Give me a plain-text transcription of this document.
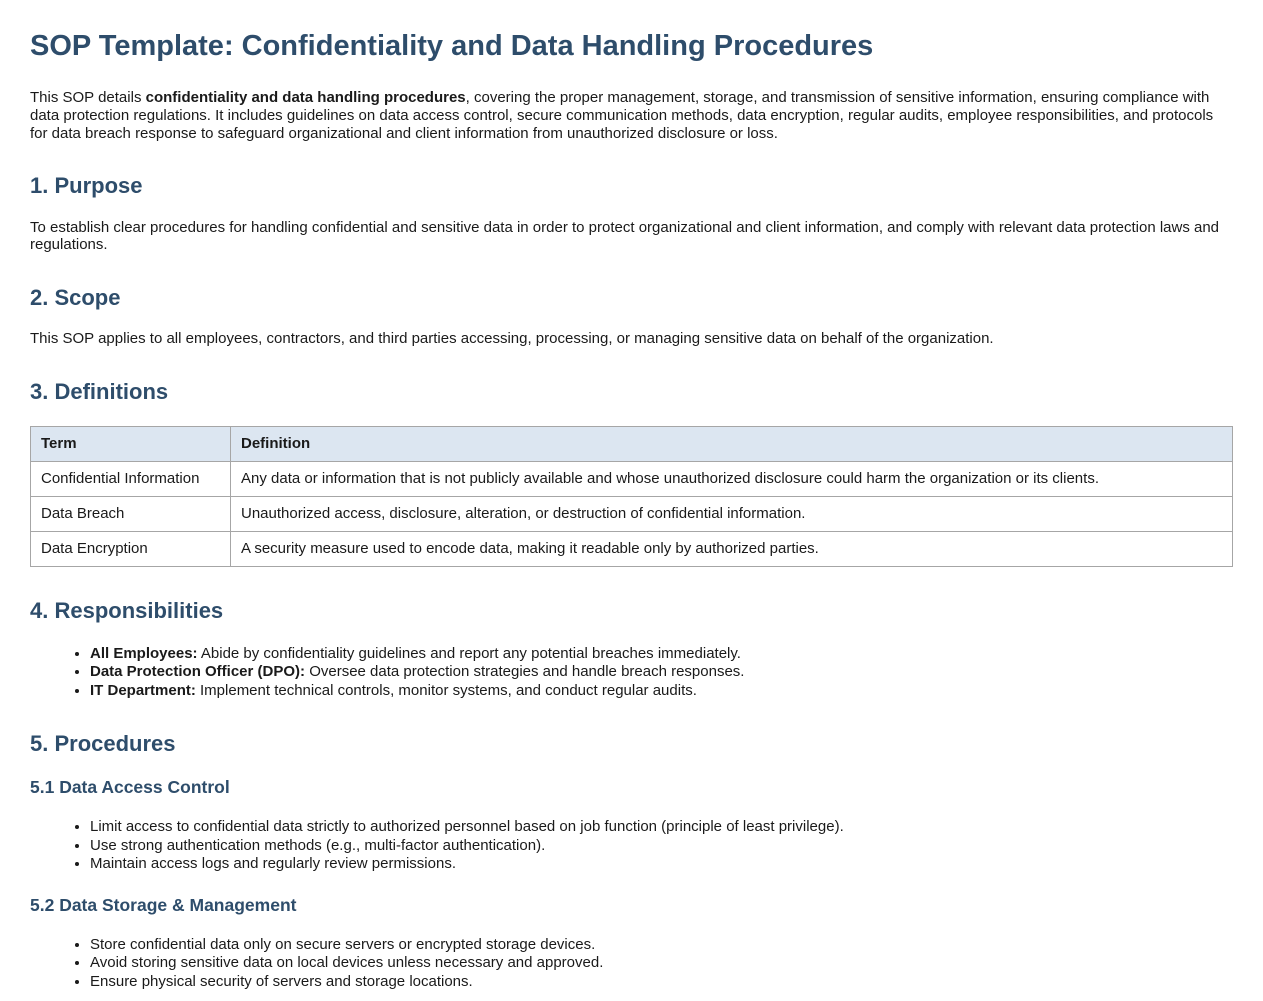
SOP Template: Confidentiality and Data Handling Procedures

This SOP details confidentiality and data handling procedures, covering the proper management, storage, and transmission of sensitive information, ensuring compliance with data protection regulations. It includes guidelines on data access control, secure communication methods, data encryption, regular audits, employee responsibilities, and protocols for data breach response to safeguard organizational and client information from unauthorized disclosure or loss.

1. Purpose

To establish clear procedures for handling confidential and sensitive data in order to protect organizational and client information, and comply with relevant data protection laws and regulations.

2. Scope

This SOP applies to all employees, contractors, and third parties accessing, processing, or managing sensitive data on behalf of the organization.

3. Definitions
Term	Definition
Confidential Information	Any data or information that is not publicly available and whose unauthorized disclosure could harm the organization or its clients.
Data Breach	Unauthorized access, disclosure, alteration, or destruction of confidential information.
Data Encryption	A security measure used to encode data, making it readable only by authorized parties.
4. Responsibilities
• All Employees: Abide by confidentiality guidelines and report any potential breaches immediately.
• Data Protection Officer (DPO): Oversee data protection strategies and handle breach responses.
• IT Department: Implement technical controls, monitor systems, and conduct regular audits.
5. Procedures
5.1 Data Access Control
• Limit access to confidential data strictly to authorized personnel based on job function (principle of least privilege).
• Use strong authentication methods (e.g., multi-factor authentication).
• Maintain access logs and regularly review permissions.
5.2 Data Storage & Management
• Store confidential data only on secure servers or encrypted storage devices.
• Avoid storing sensitive data on local devices unless necessary and approved.
• Ensure physical security of servers and storage locations.
